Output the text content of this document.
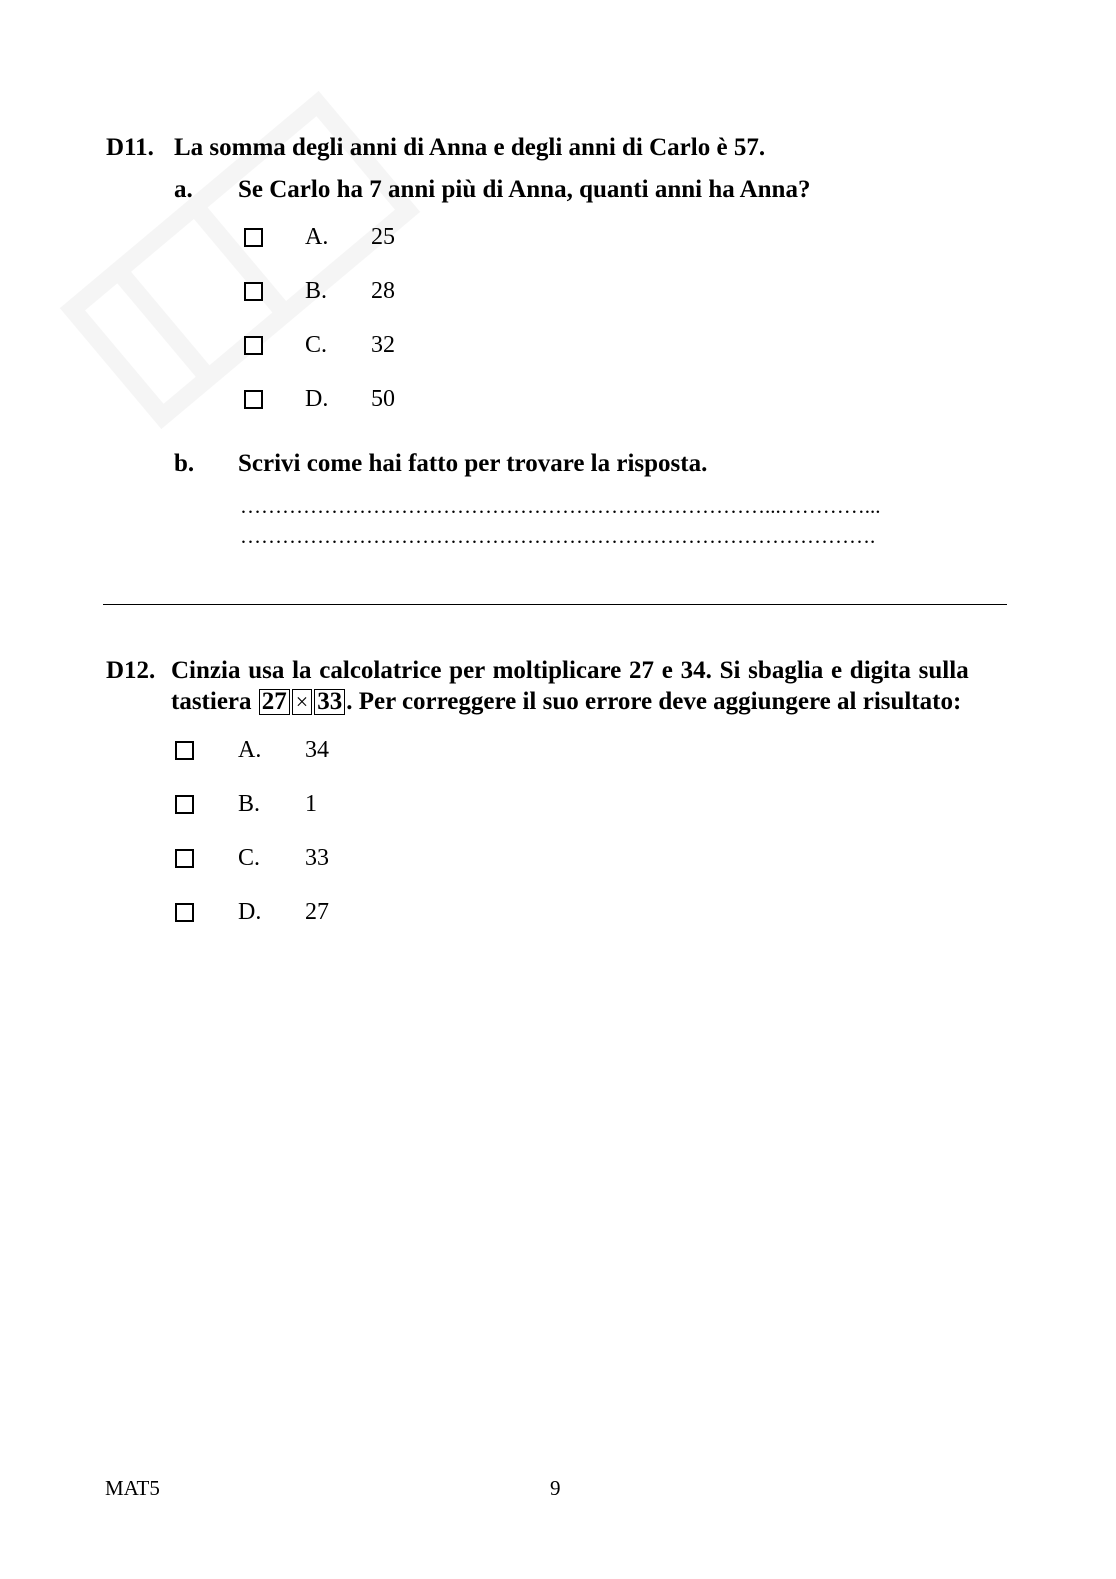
D11. La somma degli anni di Anna e degli anni di Carlo è 57.
a. Se Carlo ha 7 anni più di Anna, quanti anni ha Anna?
A. 25
B. 28
C. 32
D. 50
b. Scrivi come hai fatto per trovare la risposta.
…………………………………………………………………...…………...
……………………………………………………………………………….
D12. Cinzia usa la calcolatrice per moltiplicare 27 e 34. Si sbaglia e digita sulla
tastiera 27 × 33 . Per correggere il suo errore deve aggiungere al risultato:
A. 34
B. 1
C. 33
D. 27
MAT5	9
